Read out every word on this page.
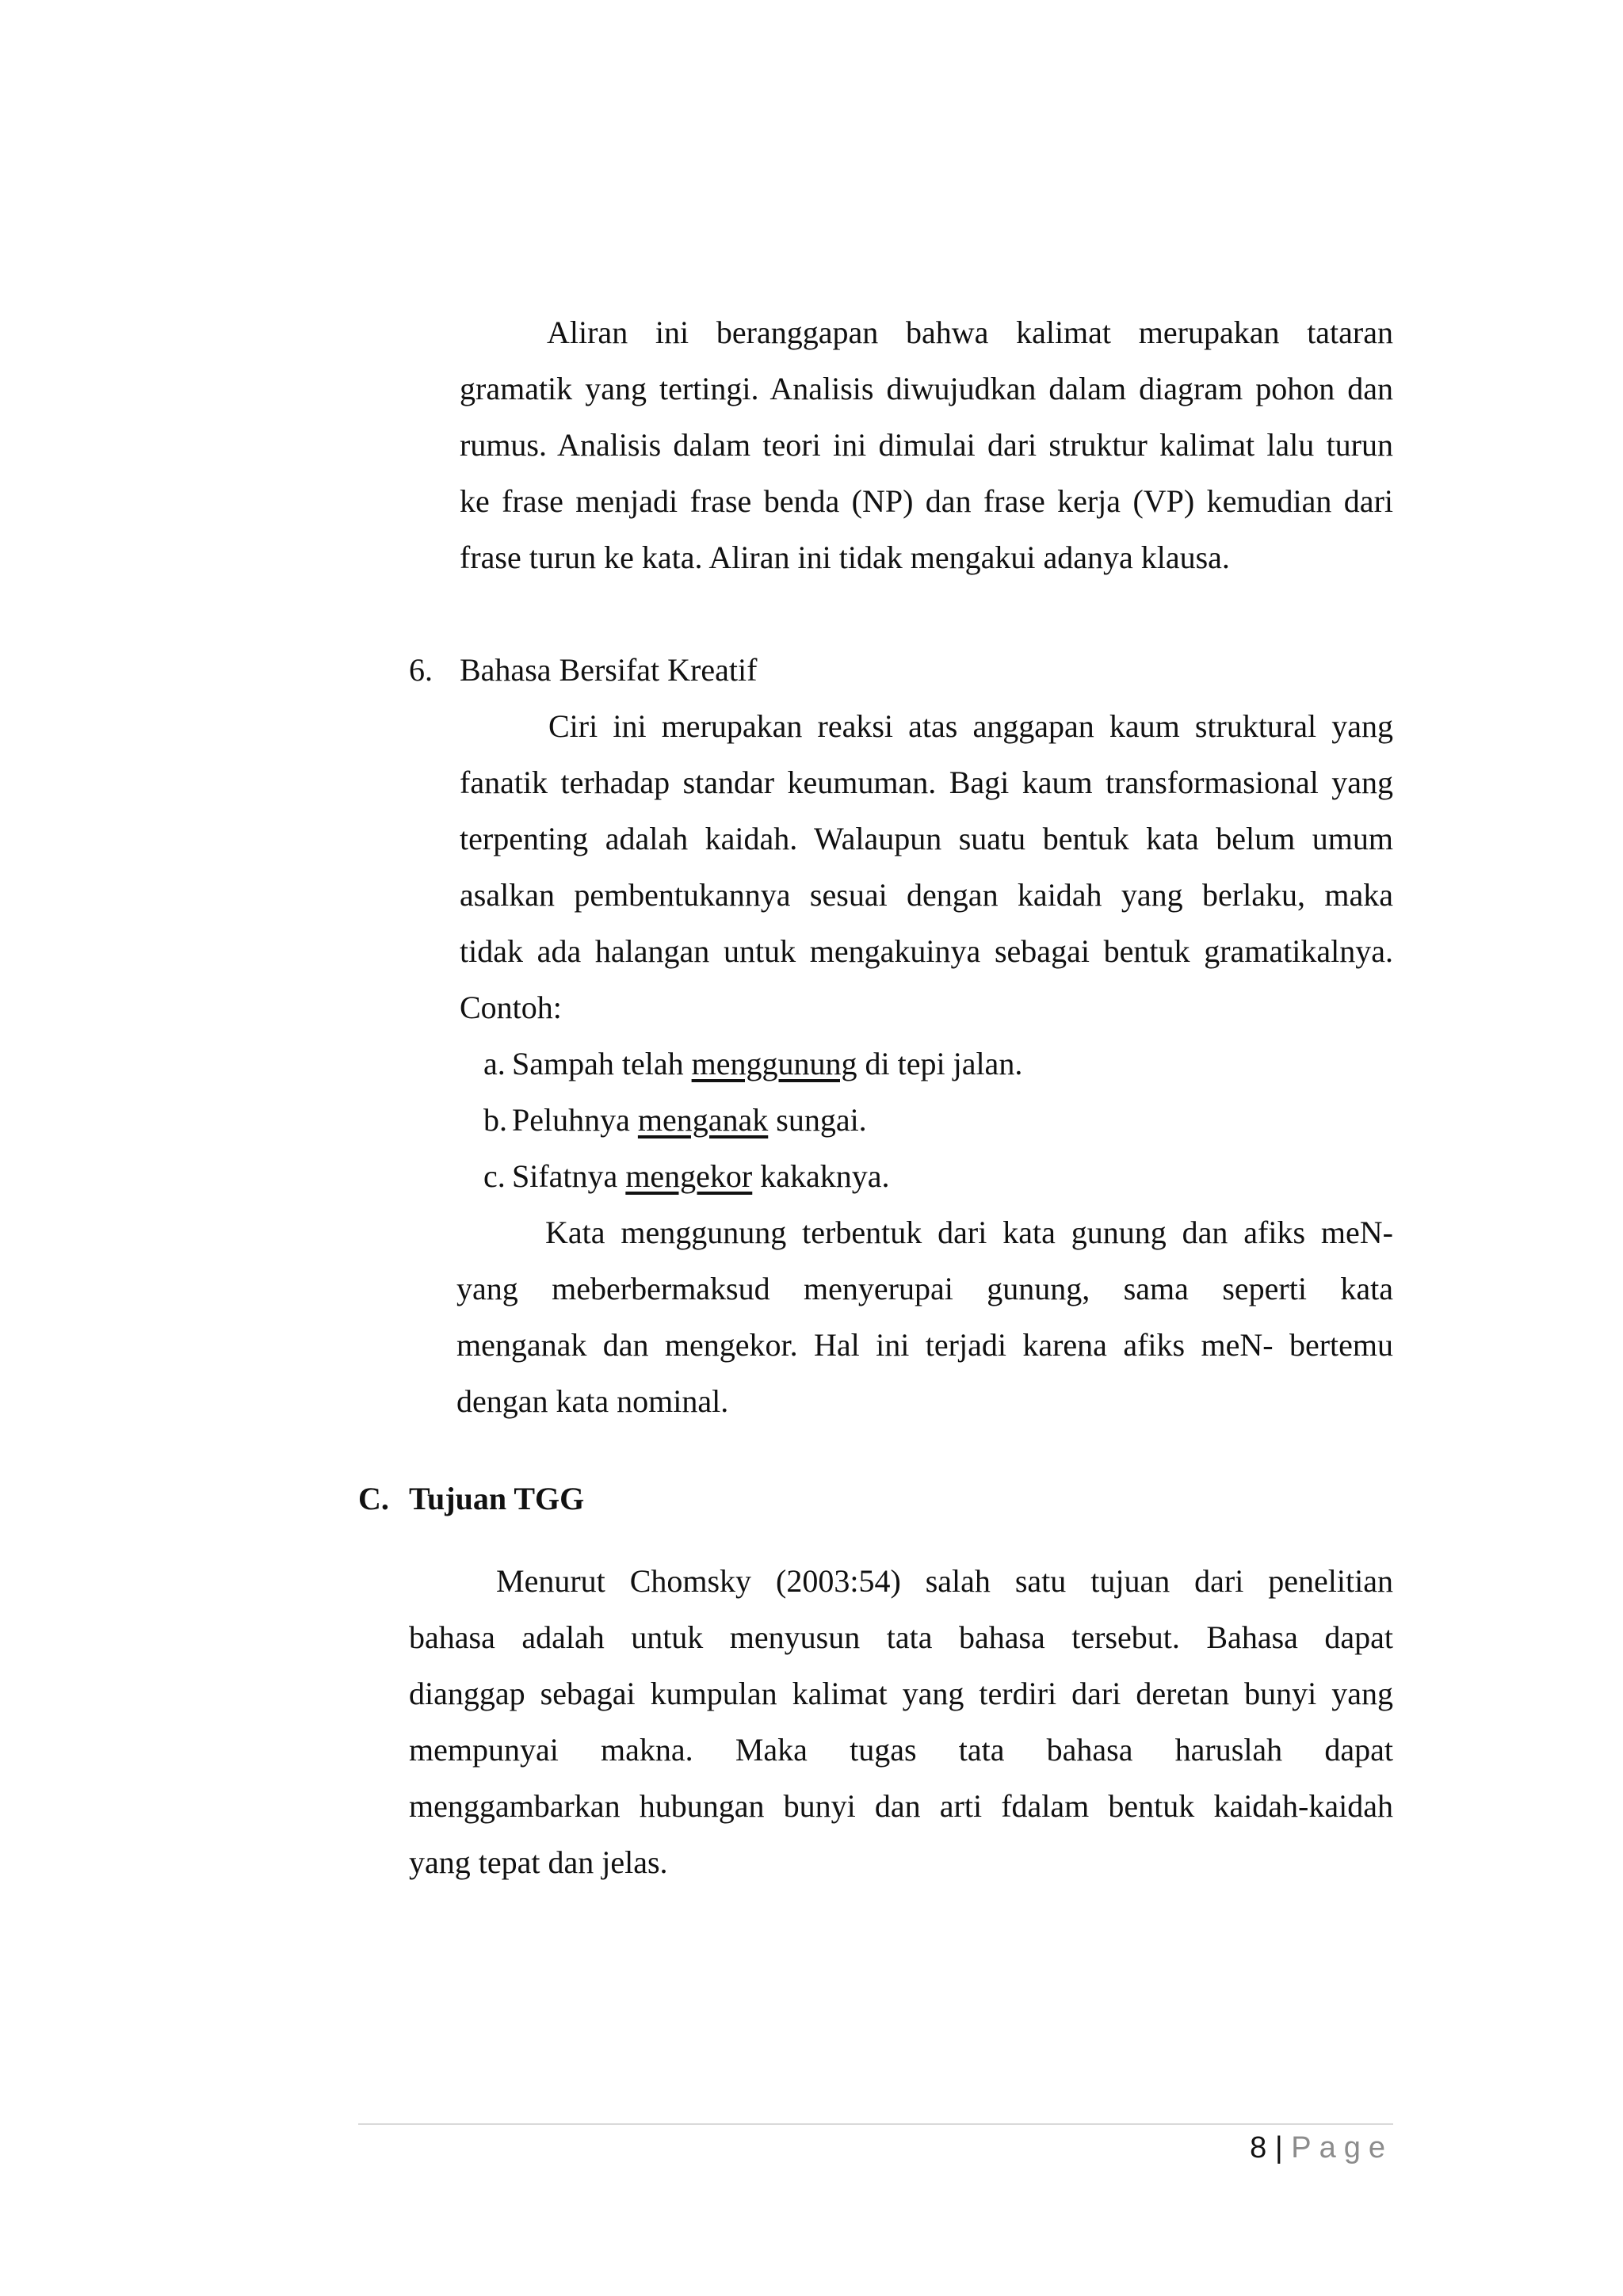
Aliran ini beranggapan bahwa kalimat merupakan tataran
gramatik yang tertingi. Analisis diwujudkan dalam diagram pohon dan
rumus. Analisis dalam teori ini dimulai dari struktur kalimat lalu turun
ke frase menjadi frase benda (NP) dan frase kerja (VP) kemudian dari
frase turun ke kata. Aliran ini tidak mengakui adanya klausa.
6. Bahasa Bersifat Kreatif
Ciri ini merupakan reaksi atas anggapan kaum struktural yang
fanatik terhadap standar keumuman. Bagi kaum transformasional yang
terpenting adalah kaidah. Walaupun suatu bentuk kata belum umum
asalkan pembentukannya sesuai dengan kaidah yang berlaku, maka
tidak ada halangan untuk mengakuinya sebagai bentuk gramatikalnya.
Contoh:
a. Sampah telah menggunung di tepi jalan.
b. Peluhnya menganak sungai.
c. Sifatnya mengekor kakaknya.
Kata menggunung terbentuk dari kata gunung dan afiks meN-
yang meberbermaksud menyerupai gunung, sama seperti kata
menganak dan mengekor. Hal ini terjadi karena afiks meN- bertemu
dengan kata nominal.
C. Tujuan TGG
Menurut Chomsky (2003:54) salah satu tujuan dari penelitian
bahasa adalah untuk menyusun tata bahasa tersebut. Bahasa dapat
dianggap sebagai kumpulan kalimat yang terdiri dari deretan bunyi yang
mempunyai makna. Maka tugas tata bahasa haruslah dapat
menggambarkan hubungan bunyi dan arti fdalam bentuk kaidah-kaidah
yang tepat dan jelas.
8 | Page
